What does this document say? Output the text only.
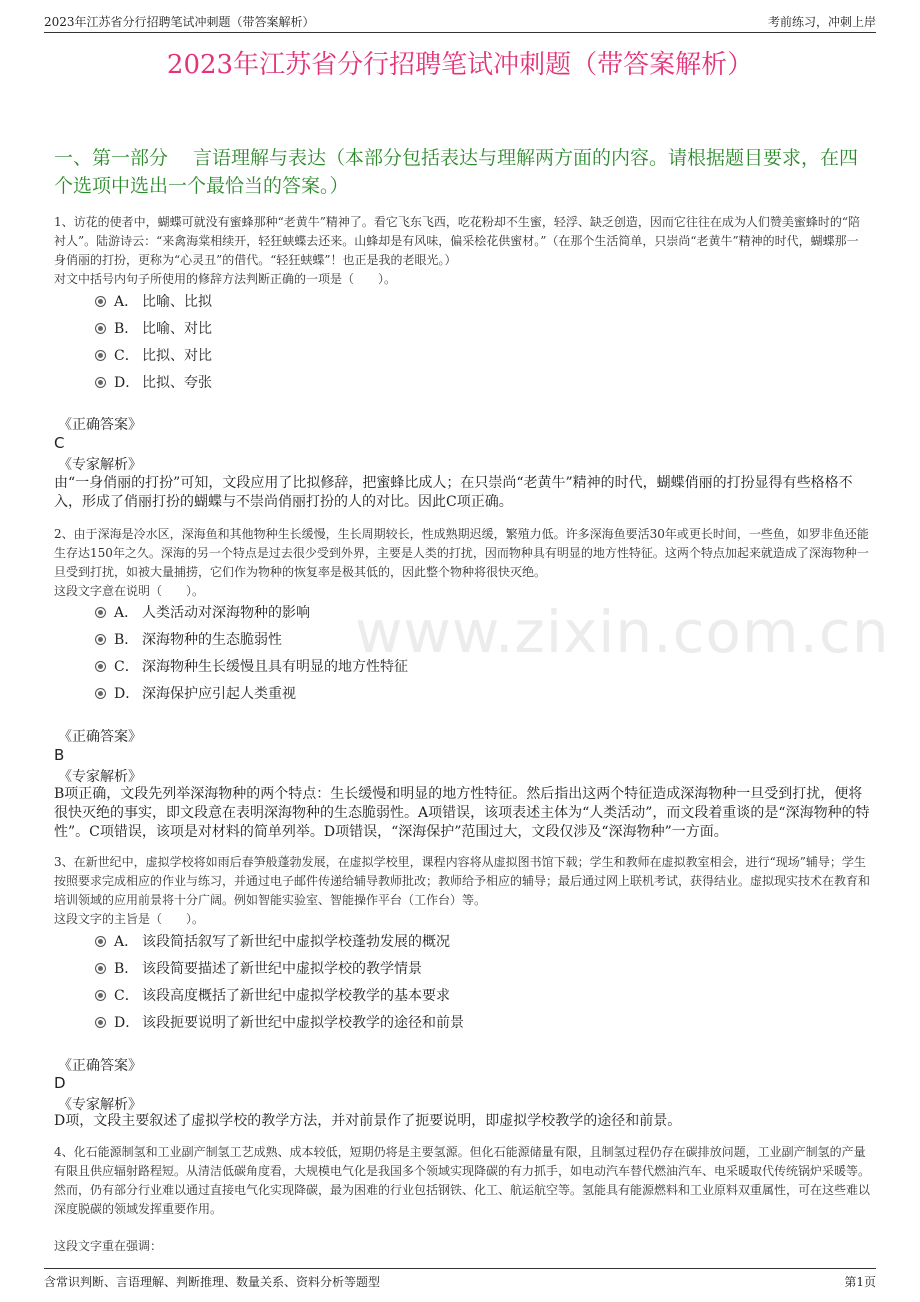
2023年江苏省分行招聘笔试冲刺题（带答案解析）	考前练习，冲刺上岸
2023年江苏省分行招聘笔试冲刺题（带答案解析）
一、第一部分　 言语理解与表达（本部分包括表达与理解两方面的内容。请根据题目要求，在四个选项中选出一个最恰当的答案。）
www.zixin.com.cn

1、访花的使者中，蝴蝶可就没有蜜蜂那种“老黄牛”精神了。看它飞东飞西，吃花粉却不生蜜，轻浮、缺乏创造，因而它往往在成为人们赞美蜜蜂时的“陪衬人”。陆游诗云：“来禽海棠相续开，轻狂蛱蝶去还来。山蜂却是有风味，偏采桧花供蜜材。”（在那个生活简单，只崇尚“老黄牛”精神的时代，蝴蝶那一身俏丽的打扮，更称为“心灵丑”的借代。“轻狂蛱蝶”！也正是我的老眼光。）

对文中括号内句子所使用的修辞方法判断正确的一项是（　　）。

A． 比喻、比拟
B． 比喻、对比
C． 比拟、对比
D． 比拟、夸张
《正确答案》
C
《专家解析》
由“一身俏丽的打扮”可知，文段应用了比拟修辞，把蜜蜂比成人；在只崇尚“老黄牛”精神的时代，蝴蝶俏丽的打扮显得有些格格不入，形成了俏丽打扮的蝴蝶与不崇尚俏丽打扮的人的对比。因此C项正确。

2、由于深海是冷水区，深海鱼和其他物种生长缓慢，生长周期较长，性成熟期迟缓，繁殖力低。许多深海鱼要活30年或更长时间，一些鱼，如罗非鱼还能生存达150年之久。深海的另一个特点是过去很少受到外界，主要是人类的打扰，因而物种具有明显的地方性特征。这两个特点加起来就造成了深海物种一旦受到打扰，如被大量捕捞，它们作为物种的恢复率是极其低的，因此整个物种将很快灭绝。

这段文字意在说明（　　）。

A． 人类活动对深海物种的影响
B． 深海物种的生态脆弱性
C． 深海物种生长缓慢且具有明显的地方性特征
D． 深海保护应引起人类重视
《正确答案》
B
《专家解析》
B项正确，文段先列举深海物种的两个特点：生长缓慢和明显的地方性特征。然后指出这两个特征造成深海物种一旦受到打扰，便将很快灭绝的事实，即文段意在表明深海物种的生态脆弱性。A项错误，该项表述主体为“人类活动”，而文段着重谈的是“深海物种的特性”。C项错误，该项是对材料的简单列举。D项错误，“深海保护”范围过大，文段仅涉及“深海物种”一方面。

3、在新世纪中，虚拟学校将如雨后春笋般蓬勃发展，在虚拟学校里，课程内容将从虚拟图书馆下载；学生和教师在虚拟教室相会，进行“现场”辅导；学生按照要求完成相应的作业与练习，并通过电子邮件传递给辅导教师批改；教师给予相应的辅导；最后通过网上联机考试，获得结业。虚拟现实技术在教育和培训领域的应用前景将十分广阔。例如智能实验室、智能操作平台（工作台）等。

这段文字的主旨是（　　）。

A． 该段简括叙写了新世纪中虚拟学校蓬勃发展的概况
B． 该段简要描述了新世纪中虚拟学校的教学情景
C． 该段高度概括了新世纪中虚拟学校教学的基本要求
D． 该段扼要说明了新世纪中虚拟学校教学的途径和前景
《正确答案》
D
《专家解析》
D项，文段主要叙述了虚拟学校的教学方法，并对前景作了扼要说明，即虚拟学校教学的途径和前景。
4、化石能源制氢和工业副产制氢工艺成熟、成本较低，短期仍将是主要氢源。但化石能源储量有限，且制氢过程仍存在碳排放问题，工业副产制氢的产量有限且供应辐射路程短。从清洁低碳角度看，大规模电气化是我国多个领域实现降碳的有力抓手，如电动汽车替代燃油汽车、电采暖取代传统锅炉采暖等。然而，仍有部分行业难以通过直接电气化实现降碳，最为困难的行业包括钢铁、化工、航运航空等。氢能具有能源燃料和工业原料双重属性，可在这些难以深度脱碳的领域发挥重要作用。
这段文字重在强调：
含常识判断、言语理解、判断推理、数量关系、资料分析等题型	第1页
